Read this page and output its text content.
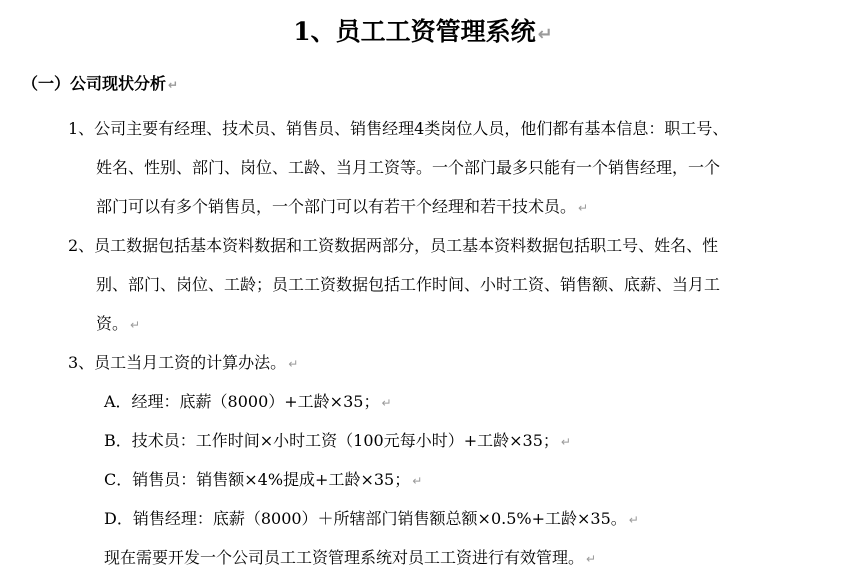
1、员工工资管理系统 ↵
（一）公司现状分析 ↵
1、公司主要有经理、技术员、销售员、销售经理4类岗位人员，他们都有基本信息：职工号、
姓名、性别、部门、岗位、工龄、当月工资等。一个部门最多只能有一个销售经理，一个
部门可以有多个销售员，一个部门可以有若干个经理和若干技术员。 ↵
2、员工数据包括基本资料数据和工资数据两部分，员工基本资料数据包括职工号、姓名、性
别、部门、岗位、工龄；员工工资数据包括工作时间、小时工资、销售额、底薪、当月工
资。 ↵
3、员工当月工资的计算办法。 ↵
A．经理：底薪（8000）+工龄×35； ↵
B．技术员：工作时间×小时工资（100元每小时）+工龄×35； ↵
C．销售员：销售额×4%提成+工龄×35； ↵
D．销售经理：底薪（8000）＋所辖部门销售额总额×0.5%+工龄×35。 ↵
现在需要开发一个公司员工工资管理系统对员工工资进行有效管理。 ↵
